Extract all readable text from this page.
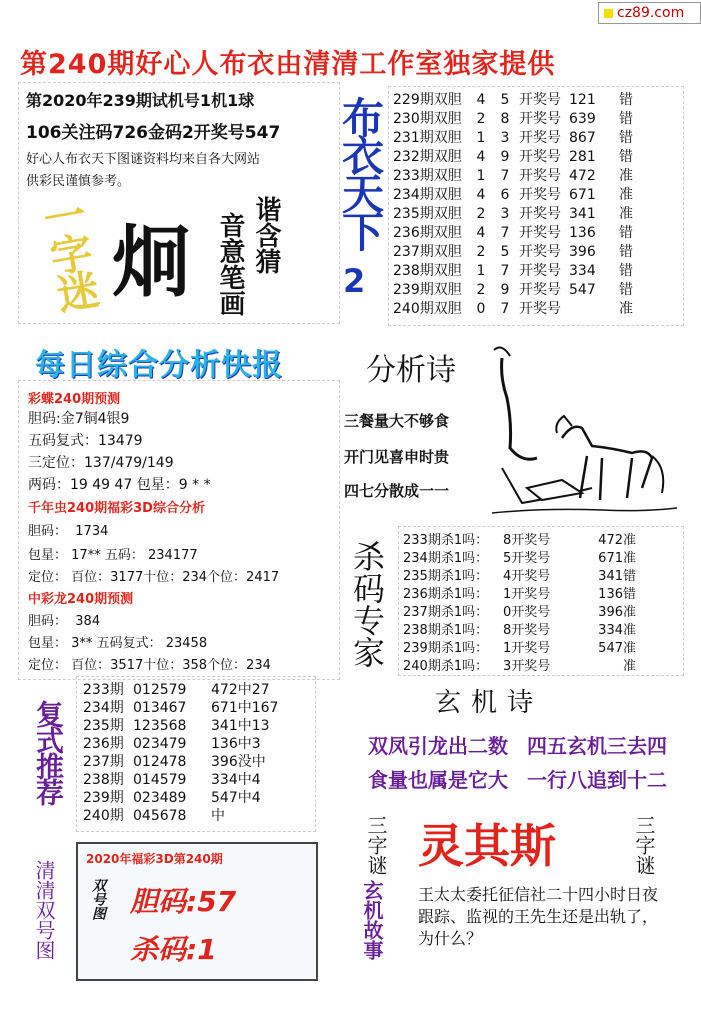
cz89.com
第240期好心人布衣由清清工作室独家提供
第2020年239期试机号1机1球
106关注码726金码2开奖号547
好心人布衣天下图谜资料均来自各大网站
供彩民谨慎参考。
一字迷 炯 谐含猜
音意笔画
布衣天下
2
229期双胆 4 5 开奖号 121 错
230期双胆 2 8 开奖号 639 错
231期双胆 1 3 开奖号 867 错
232期双胆 4 9 开奖号 281 错
233期双胆 1 7 开奖号 472 准
234期双胆 4 6 开奖号 671 准
235期双胆 2 3 开奖号 341 准
236期双胆 4 7 开奖号 136 错
237期双胆 2 5 开奖号 396 错
238期双胆 1 7 开奖号 334 错
239期双胆 2 9 开奖号 547 错
240期双胆 0 7 开奖号	准
每日综合分析快报
彩蝶240期预测
胆码:金7铜4银9
五码复式：13479
三定位：137/479/149
两码：19 49 47 包星：9 * *
千年虫240期福彩3D综合分析
胆码： 1734
包星： 17** 五码： 234177
定位： 百位：3177十位：234个位：2417
中彩龙240期预测
胆码： 384
包星： 3** 五码复式： 23458
定位： 百位：3517十位：358个位：234
分析诗
三餐量大不够食
开门见喜申时贵
四七分散成一一
杀码专家	233期杀1吗： 8开奖号	472准
234期杀1吗： 5开奖号	671准
235期杀1吗： 4开奖号	341错
236期杀1吗： 1开奖号	136错
237期杀1吗： 0开奖号	396准
238期杀1吗： 8开奖号	334准
239期杀1吗： 1开奖号	547准
240期杀1吗： 3开奖号	准
玄机诗
双凤引龙出二数 四五玄机三去四
食量也属是它大 一行八追到十二
复式推荐
233期 012579 472中27
234期 013467 671中167
235期 123568 341中13
236期 023479 136中3
237期 012478 396没中
238期 014579 334中4
239期 023489 547中4
240期 045678 中
清清双号图
2020年福彩3D第240期
双号图 胆码:57
杀码:1
三字谜 灵其斯	三字谜
玄机故事 王太太委托征信社二十四小时日夜跟踪、监视的王先生还是出轨了，为什么？
